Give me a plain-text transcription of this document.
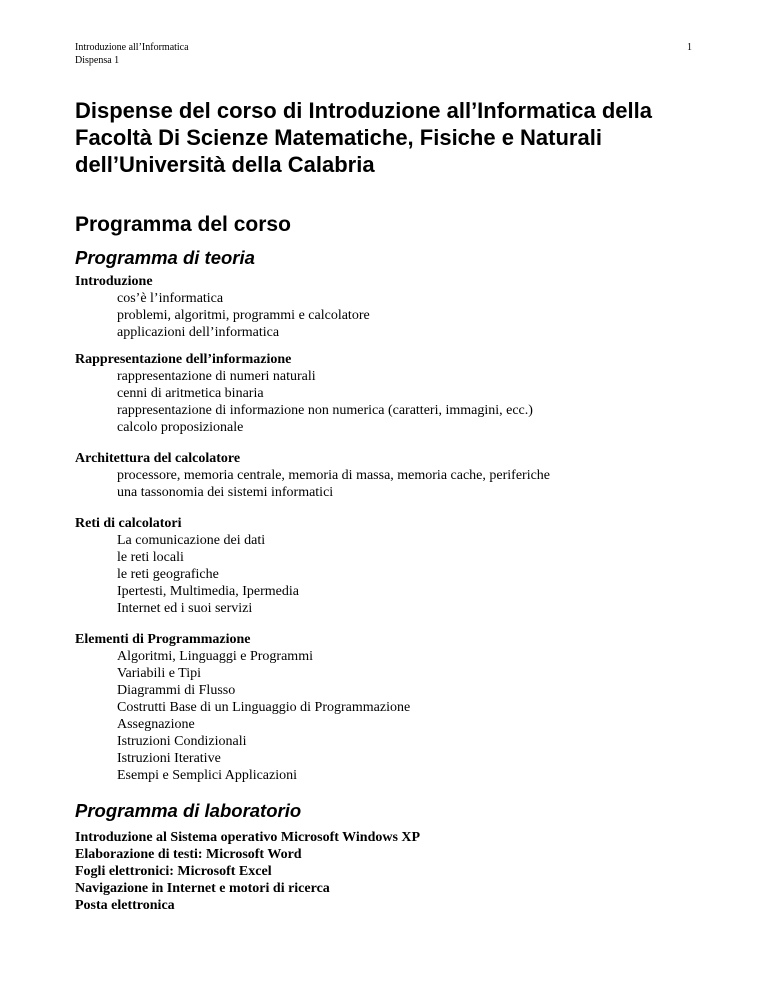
Introduzione all’Informatica
Dispensa 1
1
Dispense del corso di Introduzione all’Informatica della Facoltà Di Scienze Matematiche, Fisiche e Naturali dell’Università della Calabria
Programma del corso
Programma di teoria
Introduzione
cos’è l’informatica
problemi, algoritmi, programmi e calcolatore
applicazioni dell’informatica
Rappresentazione dell’informazione
rappresentazione di numeri naturali
cenni di aritmetica binaria
rappresentazione di informazione non numerica (caratteri, immagini, ecc.)
calcolo proposizionale
Architettura del calcolatore
processore, memoria centrale, memoria di massa, memoria cache, periferiche
una tassonomia dei sistemi informatici
Reti di calcolatori
La comunicazione dei dati
le reti locali
le reti geografiche
Ipertesti, Multimedia, Ipermedia
Internet ed i suoi servizi
Elementi di Programmazione
Algoritmi, Linguaggi e Programmi
Variabili e Tipi
Diagrammi di Flusso
Costrutti Base di un Linguaggio di Programmazione
Assegnazione
Istruzioni Condizionali
Istruzioni Iterative
Esempi e Semplici Applicazioni
Programma di laboratorio
Introduzione al Sistema operativo Microsoft Windows XP
Elaborazione di testi: Microsoft Word
Fogli elettronici: Microsoft Excel
Navigazione in Internet e motori di ricerca
Posta elettronica
